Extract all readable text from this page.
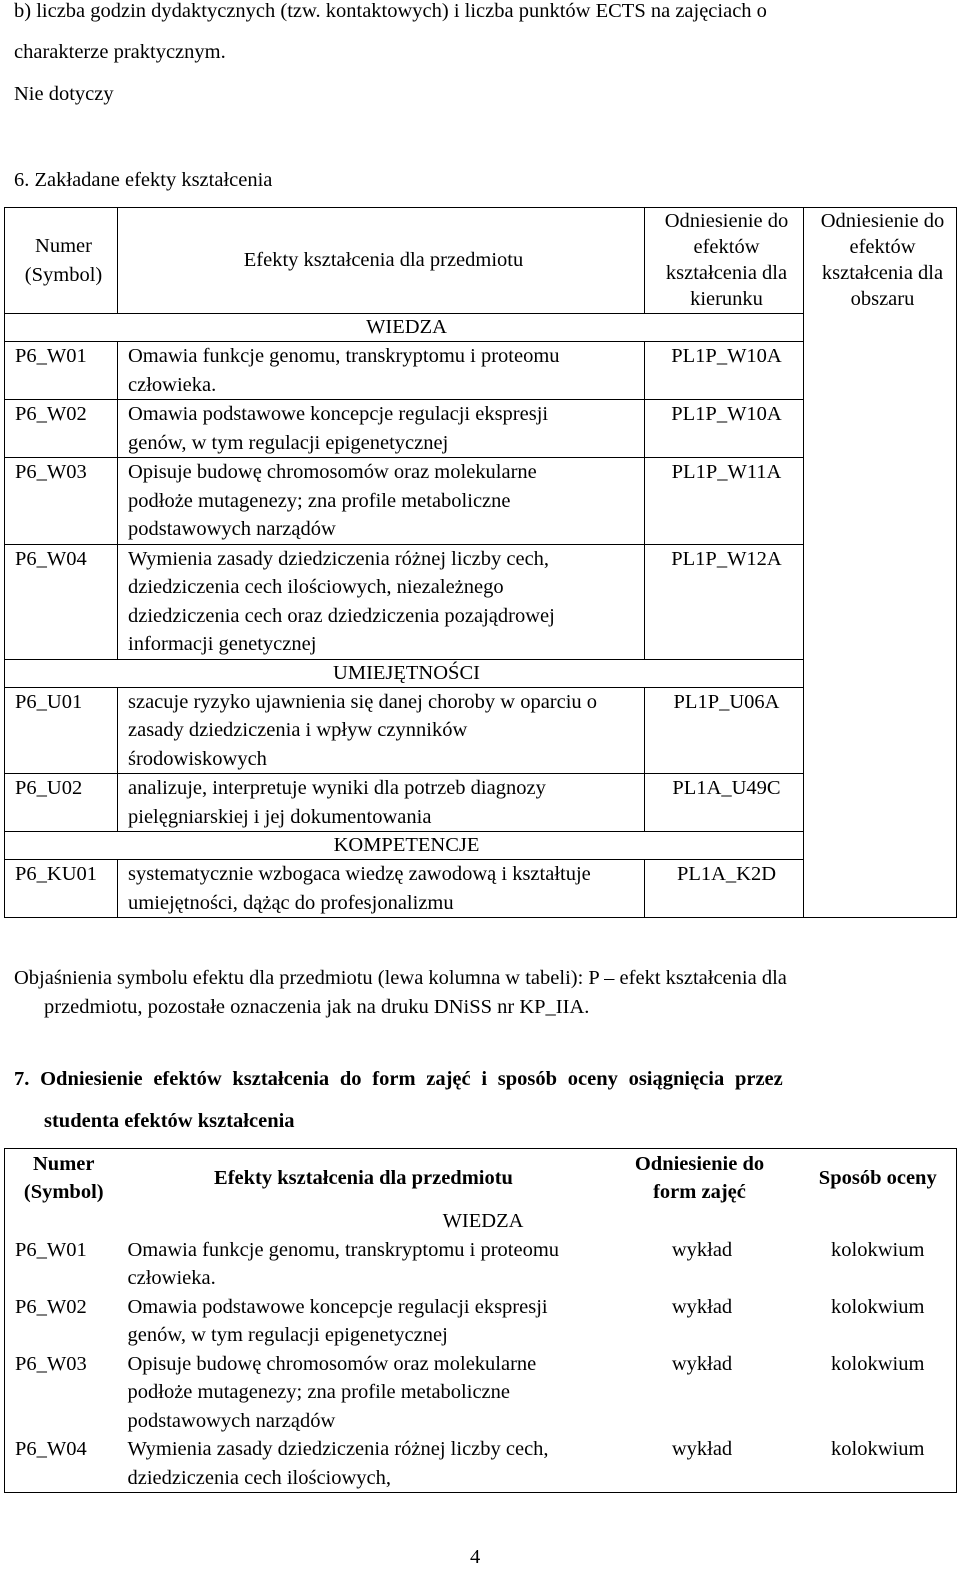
b) liczba godzin dydaktycznych (tzw. kontaktowych) i liczba punktów ECTS na zajęciach o
charakterze praktycznym.
Nie dotyczy
6. Zakładane efekty kształcenia
Numer (Symbol)	Efekty kształcenia dla przedmiotu	Odniesienie do efektów kształcenia dla kierunku	Odniesienie do efektów kształcenia dla obszaru
WIEDZA			
P6_W01	Omawia funkcje genomu, transkryptomu i proteomu człowieka.	PL1P_W10A	
P6_W02	Omawia podstawowe koncepcje regulacji ekspresji genów, w tym regulacji epigenetycznej	PL1P_W10A	
P6_W03	Opisuje budowę chromosomów oraz molekularne podłoże mutagenezy; zna profile metaboliczne podstawowych narządów	PL1P_W11A	
P6_W04	Wymienia zasady dziedziczenia różnej liczby cech, dziedziczenia cech ilościowych, niezależnego dziedziczenia cech oraz dziedziczenia pozajądrowej informacji genetycznej	PL1P_W12A	
UMIEJĘTNOŚCI			
P6_U01	szacuje ryzyko ujawnienia się danej choroby w oparciu o zasady dziedziczenia i wpływ czynników środowiskowych	PL1P_U06A	
P6_U02	analizuje, interpretuje wyniki dla potrzeb diagnozy pielęgniarskiej i jej dokumentowania	PL1A_U49C	
KOMPETENCJE			
P6_KU01	systematycznie wzbogaca wiedzę zawodową i kształtuje umiejętności, dążąc do profesjonalizmu	PL1A_K2D	
Objaśnienia symbolu efektu dla przedmiotu (lewa kolumna w tabeli): P – efekt kształcenia dla
przedmiotu, pozostałe oznaczenia jak na druku DNiSS nr KP_IIA.
7. Odniesienie efektów kształcenia do form zajęć i sposób oceny osiągnięcia przez
studenta efektów kształcenia
Numer (Symbol)	Efekty kształcenia dla przedmiotu	Odniesienie do form zajęć	Sposób oceny
WIEDZA			
P6_W01	Omawia funkcje genomu, transkryptomu i proteomu człowieka.	wykład	kolokwium
P6_W02	Omawia podstawowe koncepcje regulacji ekspresji genów, w tym regulacji epigenetycznej	wykład	kolokwium
P6_W03	Opisuje budowę chromosomów oraz molekularne podłoże mutagenezy; zna profile metaboliczne podstawowych narządów	wykład	kolokwium
P6_W04	Wymienia zasady dziedziczenia różnej liczby cech, dziedziczenia cech ilościowych,	wykład	kolokwium
4
